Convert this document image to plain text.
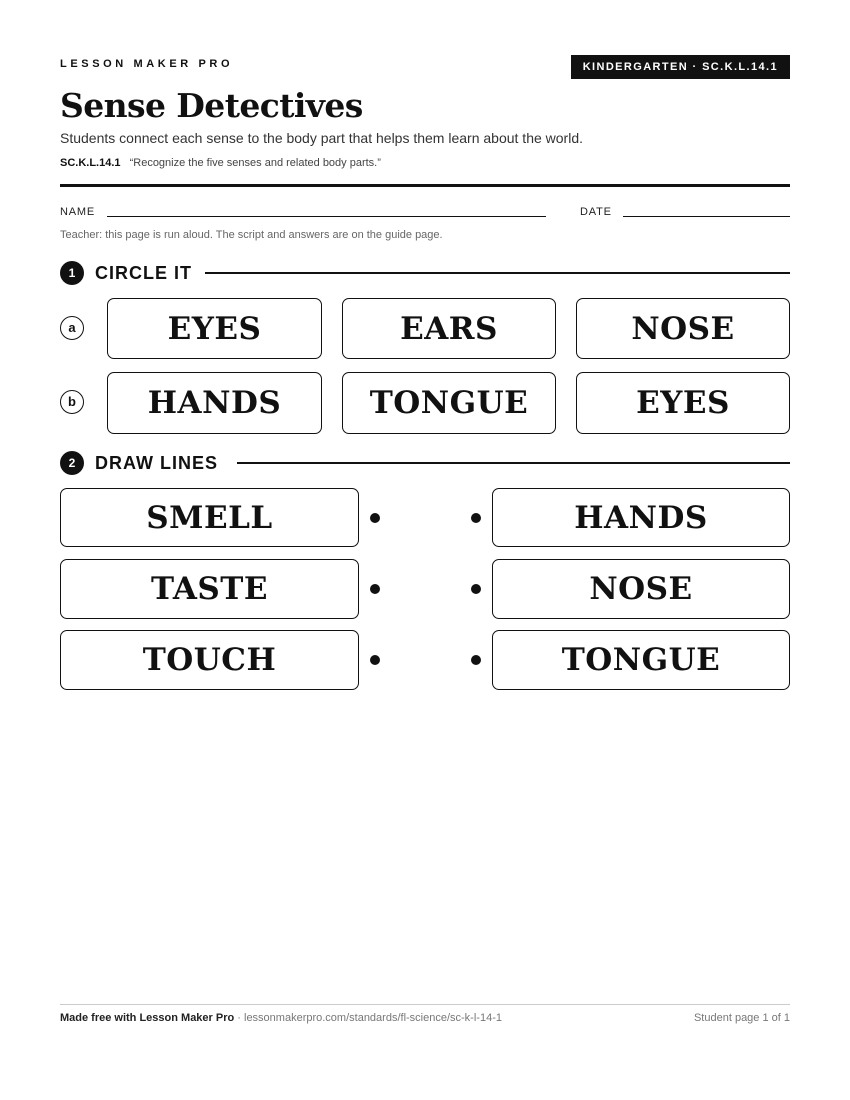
LESSON MAKER PRO	KINDERGARTEN · SC.K.L.14.1
Sense Detectives
Students connect each sense to the body part that helps them learn about the world.
SC.K.L.14.1 “Recognize the five senses and related body parts.”
NAME	DATE
Teacher: this page is run aloud. The script and answers are on the guide page.
1	CIRCLE IT
a	EYES	EARS	NOSE
b	HANDS	TONGUE	EYES
2	DRAW LINES
SMELL	HANDS
TASTE	NOSE
TOUCH	TONGUE
Made free with Lesson Maker Pro · lessonmakerpro.com/standards/fl-science/sc-k-l-14-1	Student page 1 of 1
